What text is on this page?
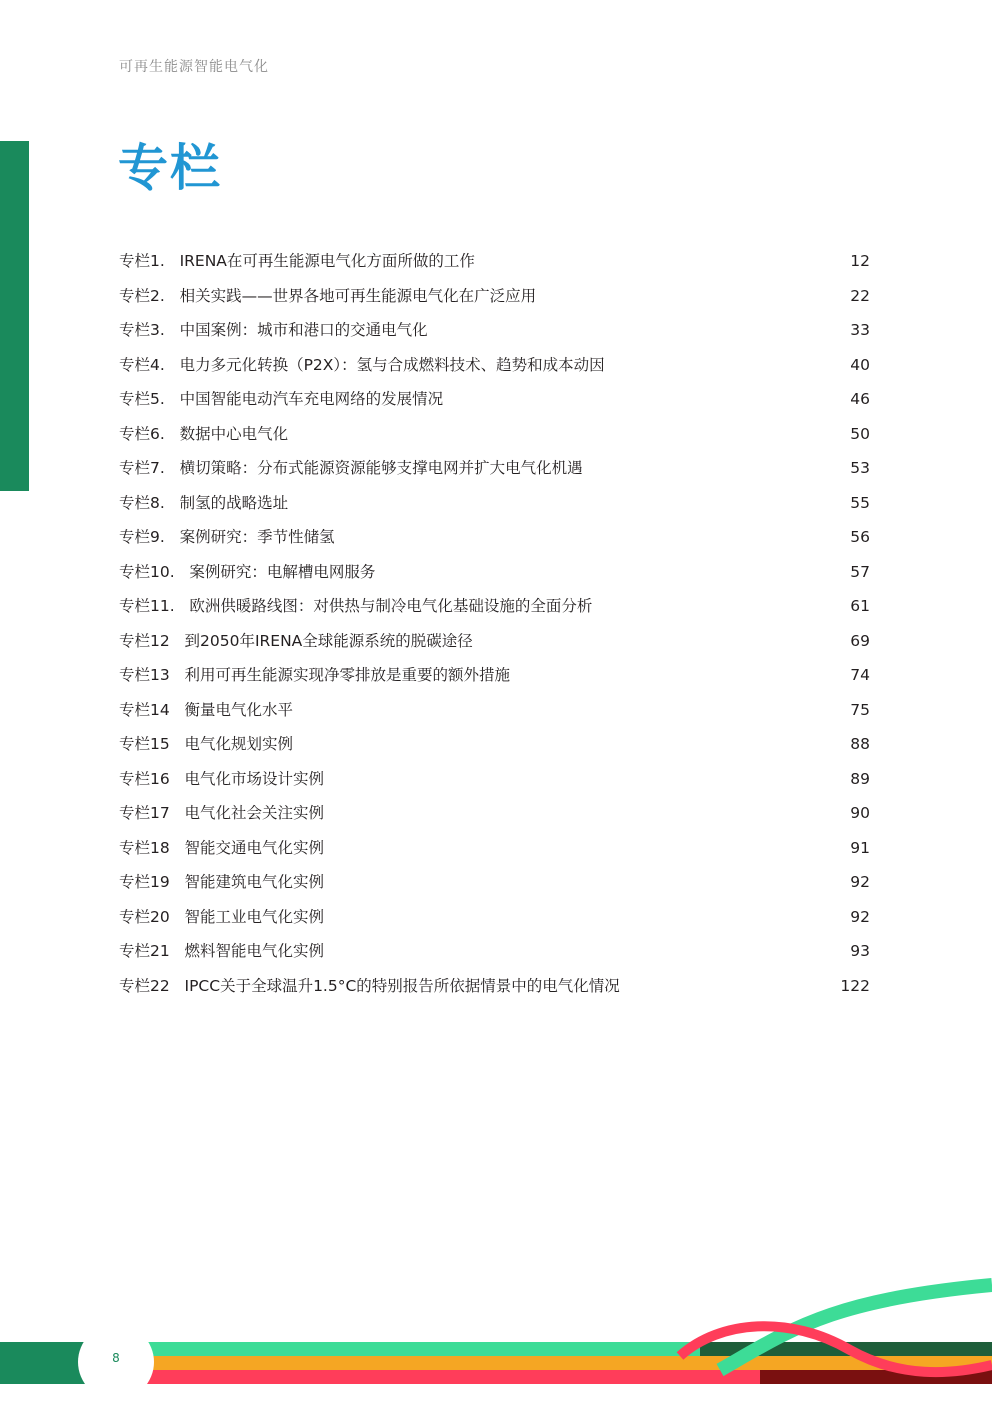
可再生能源智能电气化
专栏
专栏1.   IRENA在可再生能源电气化方面所做的工作	12
专栏2.   相关实践——世界各地可再生能源电气化在广泛应用	22
专栏3.   中国案例：城市和港口的交通电气化	33
专栏4.   电力多元化转换（P2X）：氢与合成燃料技术、趋势和成本动因	40
专栏5.   中国智能电动汽车充电网络的发展情况	46
专栏6.   数据中心电气化	50
专栏7.   横切策略：分布式能源资源能够支撑电网并扩大电气化机遇	53
专栏8.   制氢的战略选址	55
专栏9.   案例研究：季节性储氢	56
专栏10.   案例研究：电解槽电网服务	57
专栏11.   欧洲供暖路线图：对供热与制冷电气化基础设施的全面分析	61
专栏12   到2050年IRENA全球能源系统的脱碳途径	69
专栏13   利用可再生能源实现净零排放是重要的额外措施	74
专栏14   衡量电气化水平	75
专栏15   电气化规划实例	88
专栏16   电气化市场设计实例	89
专栏17   电气化社会关注实例	90
专栏18   智能交通电气化实例	91
专栏19   智能建筑电气化实例	92
专栏20   智能工业电气化实例	92
专栏21   燃料智能电气化实例	93
专栏22   IPCC关于全球温升1.5°C的特别报告所依据情景中的电气化情况	122
8
